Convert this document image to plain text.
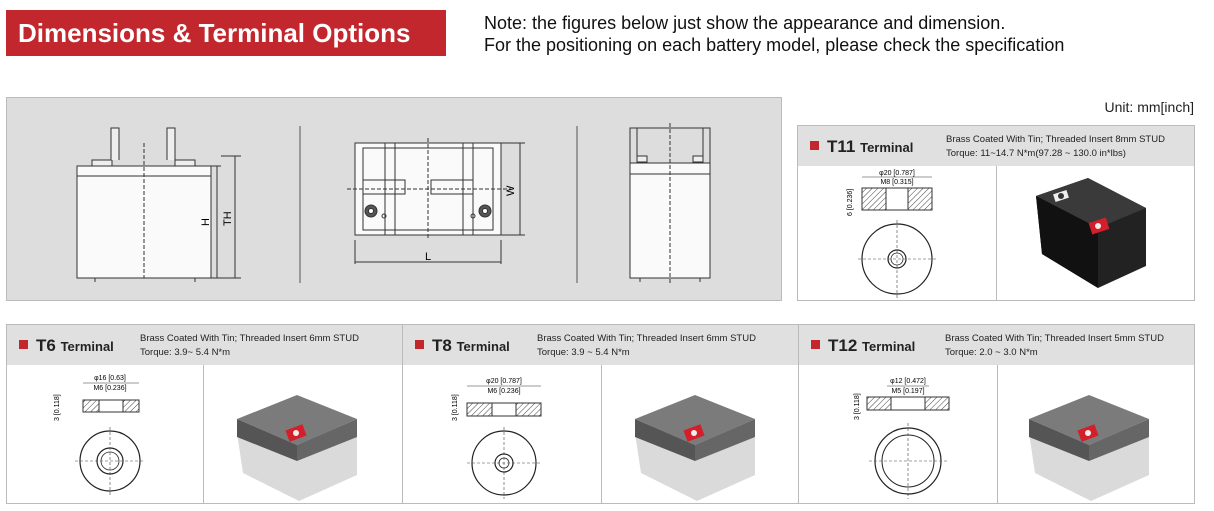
Dimensions & Terminal Options	Note: the figures below just show the appearance and dimension.
For the positioning on each battery model, please check the specification
H TH
W
L
Unit: mm[inch]
T11 Terminal
Brass Coated With Tin; Threaded Insert 8mm STUD
Torque: 11~14.7 N*m(97.28 ~ 130.0 in*lbs)
φ20 [0.787]
M8 [0.315]
6 [0.236]
T6 Terminal
Brass Coated With Tin; Threaded Insert 6mm STUD
Torque: 3.9~ 5.4 N*m
φ16 [0.63]
M6 [0.236]
3 [0.118]
T8 Terminal
Brass Coated With Tin; Threaded Insert 6mm STUD
Torque: 3.9 ~ 5.4 N*m
φ20 [0.787]
M6 [0.236]
3 [0.118]
T12 Terminal
Brass Coated With Tin; Threaded Insert 5mm STUD
Torque: 2.0 ~ 3.0 N*m
φ12 [0.472]
M5 [0.197]
3 [0.118]
